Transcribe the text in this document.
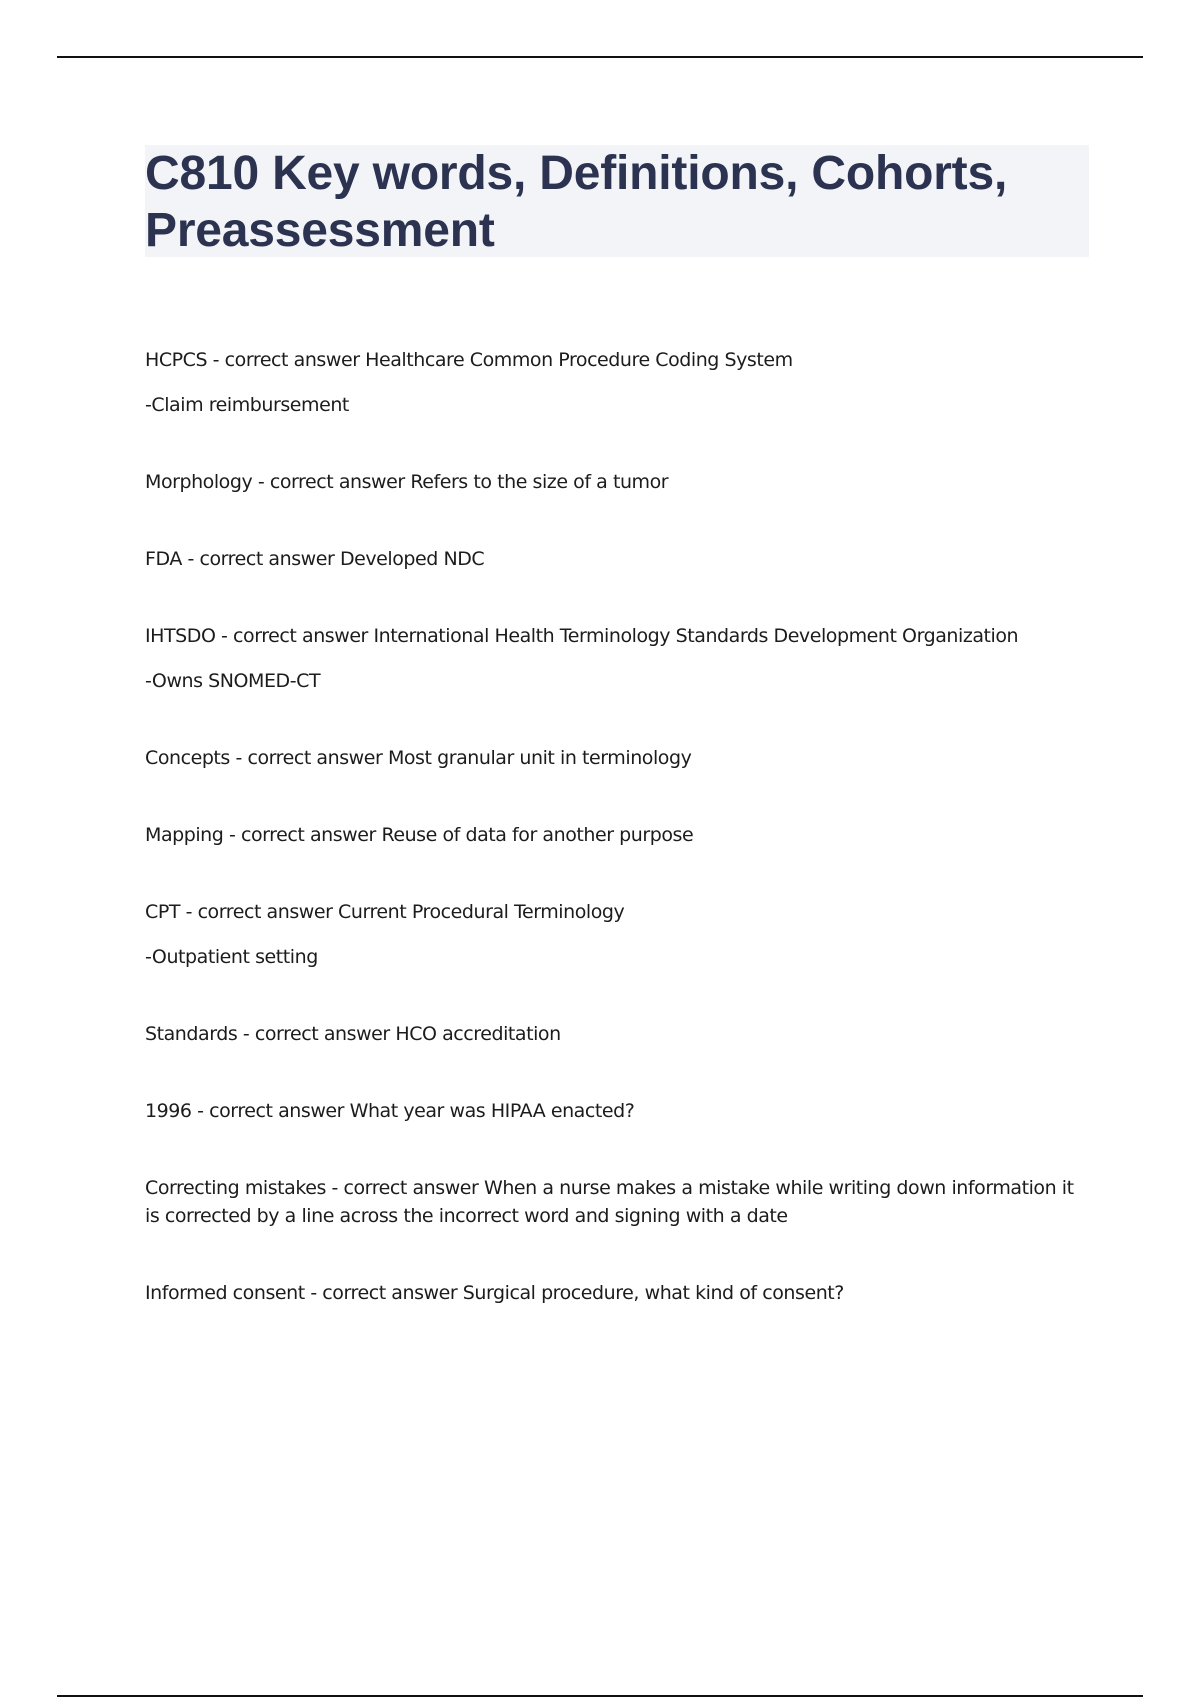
C810 Key words, Definitions, Cohorts, Preassessment
HCPCS - correct answer Healthcare Common Procedure Coding System
-Claim reimbursement
Morphology - correct answer Refers to the size of a tumor
FDA - correct answer Developed NDC
IHTSDO - correct answer International Health Terminology Standards Development Organization
-Owns SNOMED-CT
Concepts - correct answer Most granular unit in terminology
Mapping - correct answer Reuse of data for another purpose
CPT - correct answer Current Procedural Terminology
-Outpatient setting
Standards - correct answer HCO accreditation
1996 - correct answer What year was HIPAA enacted?
Correcting mistakes - correct answer When a nurse makes a mistake while writing down information it is corrected by a line across the incorrect word and signing with a date
Informed consent - correct answer Surgical procedure, what kind of consent?
